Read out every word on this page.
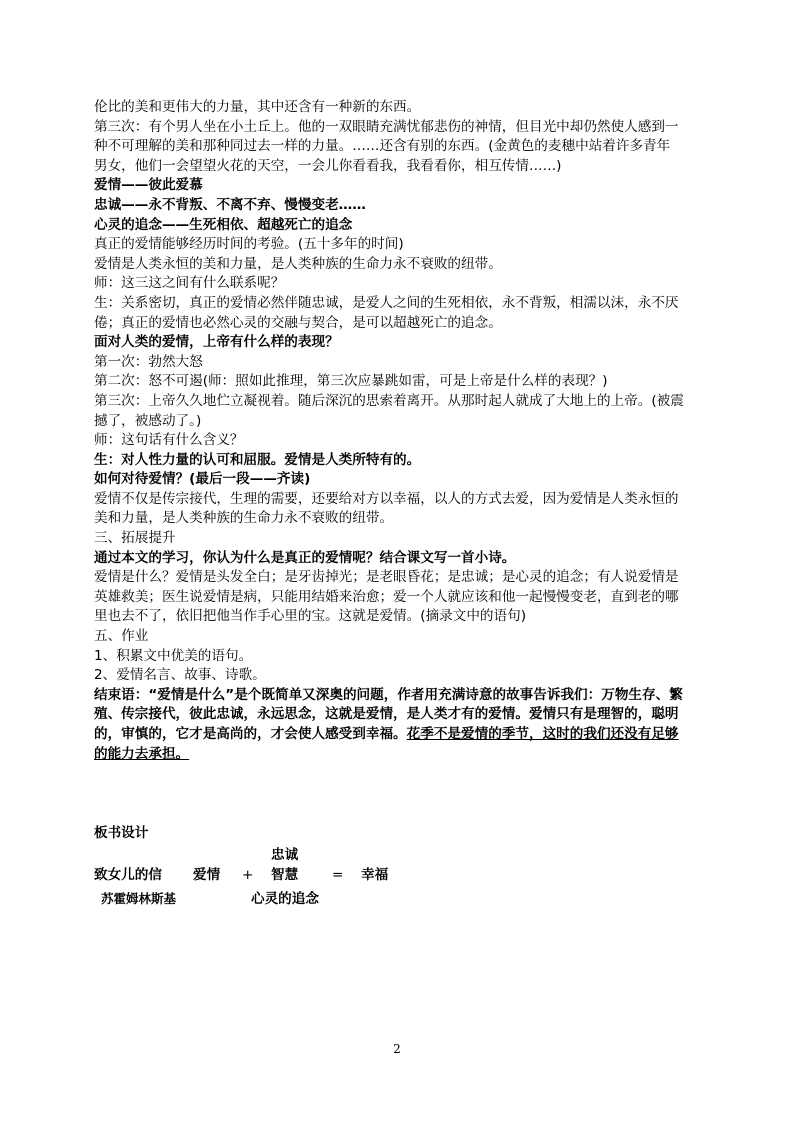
伦比的美和更伟大的力量，其中还含有一种新的东西。
第三次：有个男人坐在小土丘上。他的一双眼睛充满忧郁悲伤的神情，但目光中却仍然使人感到一
种不可理解的美和那种同过去一样的力量。……还含有别的东西。(金黄色的麦穗中站着许多青年
男女，他们一会望望火花的天空，一会儿你看看我，我看看你，相互传情……)
爱情——彼此爱慕
忠诚——永不背叛、不离不弃、慢慢变老……
心灵的追念——生死相依、超越死亡的追念
真正的爱情能够经历时间的考验。(五十多年的时间)
爱情是人类永恒的美和力量，是人类种族的生命力永不衰败的纽带。
师：这三这之间有什么联系呢？
生：关系密切，真正的爱情必然伴随忠诚，是爱人之间的生死相依，永不背叛，相濡以沫，永不厌
倦；真正的爱情也必然心灵的交融与契合，是可以超越死亡的追念。
面对人类的爱情，上帝有什么样的表现？
第一次：勃然大怒
第二次：怒不可遏(师：照如此推理，第三次应暴跳如雷，可是上帝是什么样的表现？)
第三次：上帝久久地伫立凝视着。随后深沉的思索着离开。从那时起人就成了大地上的上帝。(被震
撼了，被感动了。)
师：这句话有什么含义？
生：对人性力量的认可和屈服。爱情是人类所特有的。
如何对待爱情？(最后一段——齐读)
爱情不仅是传宗接代，生理的需要，还要给对方以幸福，以人的方式去爱，因为爱情是人类永恒的
美和力量，是人类种族的生命力永不衰败的纽带。
三、拓展提升
通过本文的学习，你认为什么是真正的爱情呢？结合课文写一首小诗。
爱情是什么？爱情是头发全白；是牙齿掉光；是老眼昏花；是忠诚；是心灵的追念；有人说爱情是
英雄救美；医生说爱情是病，只能用结婚来治愈；爱一个人就应该和他一起慢慢变老，直到老的哪
里也去不了，依旧把他当作手心里的宝。这就是爱情。(摘录文中的语句)
五、作业
1、积累文中优美的语句。
2、爱情名言、故事、诗歌。
结束语：“爱情是什么”是个既简单又深奥的问题，作者用充满诗意的故事告诉我们：万物生存、繁
殖、传宗接代，彼此忠诚，永远思念，这就是爱情，是人类才有的爱情。爱情只有是理智的，聪明
的，审慎的，它才是高尚的，才会使人感受到幸福。花季不是爱情的季节，这时的我们还没有足够
的能力去承担。
板书设计
忠诚
致女儿的信 爱情 + 智慧 = 幸福
苏霍姆林斯基	心灵的追念
2
